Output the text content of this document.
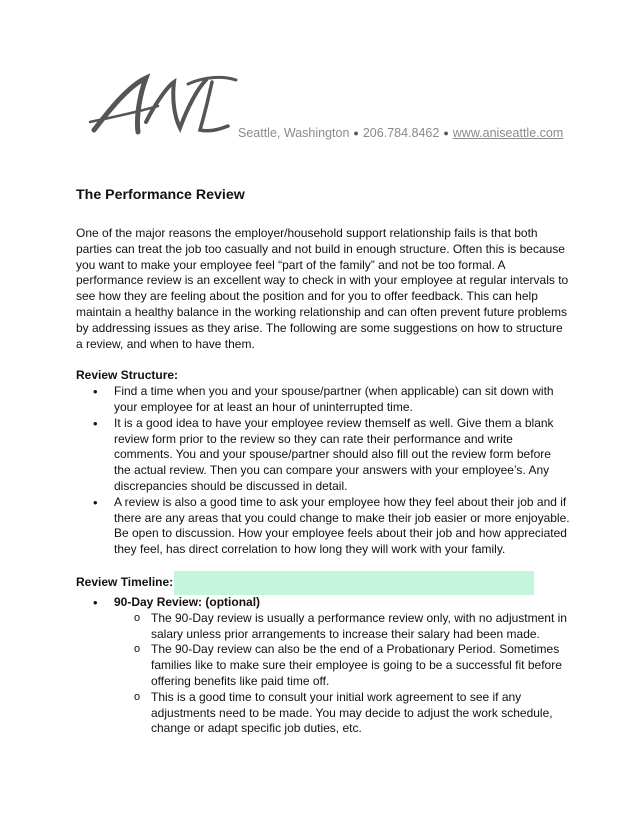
Seattle, Washington ● 206.784.8462 ● www.aniseattle.com
The Performance Review

One of the major reasons the employer/household support relationship fails is that both parties can treat the job too casually and not build in enough structure. Often this is because you want to make your employee feel “part of the family” and not be too formal. A performance review is an excellent way to check in with your employee at regular intervals to see how they are feeling about the position and for you to offer feedback. This can help maintain a healthy balance in the working relationship and can often prevent future problems by addressing issues as they arise. The following are some suggestions on how to structure
a review, and when to have them.

Review Structure:
• Find a time when you and your spouse/partner (when applicable) can sit down with your employee for at least an hour of uninterrupted time.
• It is a good idea to have your employee review themself as well. Give them a blank review form prior to the review so they can rate their performance and write comments. You and your spouse/partner should also fill out the review form before the actual review. Then you can compare your answers with your employee’s. Any discrepancies should be discussed in detail.
• A review is also a good time to ask your employee how they feel about their job and if there are any areas that you could change to make their job easier or more enjoyable. Be open to discussion. How your employee feels about their job and how appreciated they feel, has direct correlation to how long they will work with your family.
Review Timeline:
• 90-Day Review: (optional)
o The 90-Day review is usually a performance review only, with no adjustment in salary unless prior arrangements to increase their salary had been made.
o The 90-Day review can also be the end of a Probationary Period. Sometimes families like to make sure their employee is going to be a successful fit before offering benefits like paid time off.
o This is a good time to consult your initial work agreement to see if any adjustments need to be made. You may decide to adjust the work schedule, change or adapt specific job duties, etc.
